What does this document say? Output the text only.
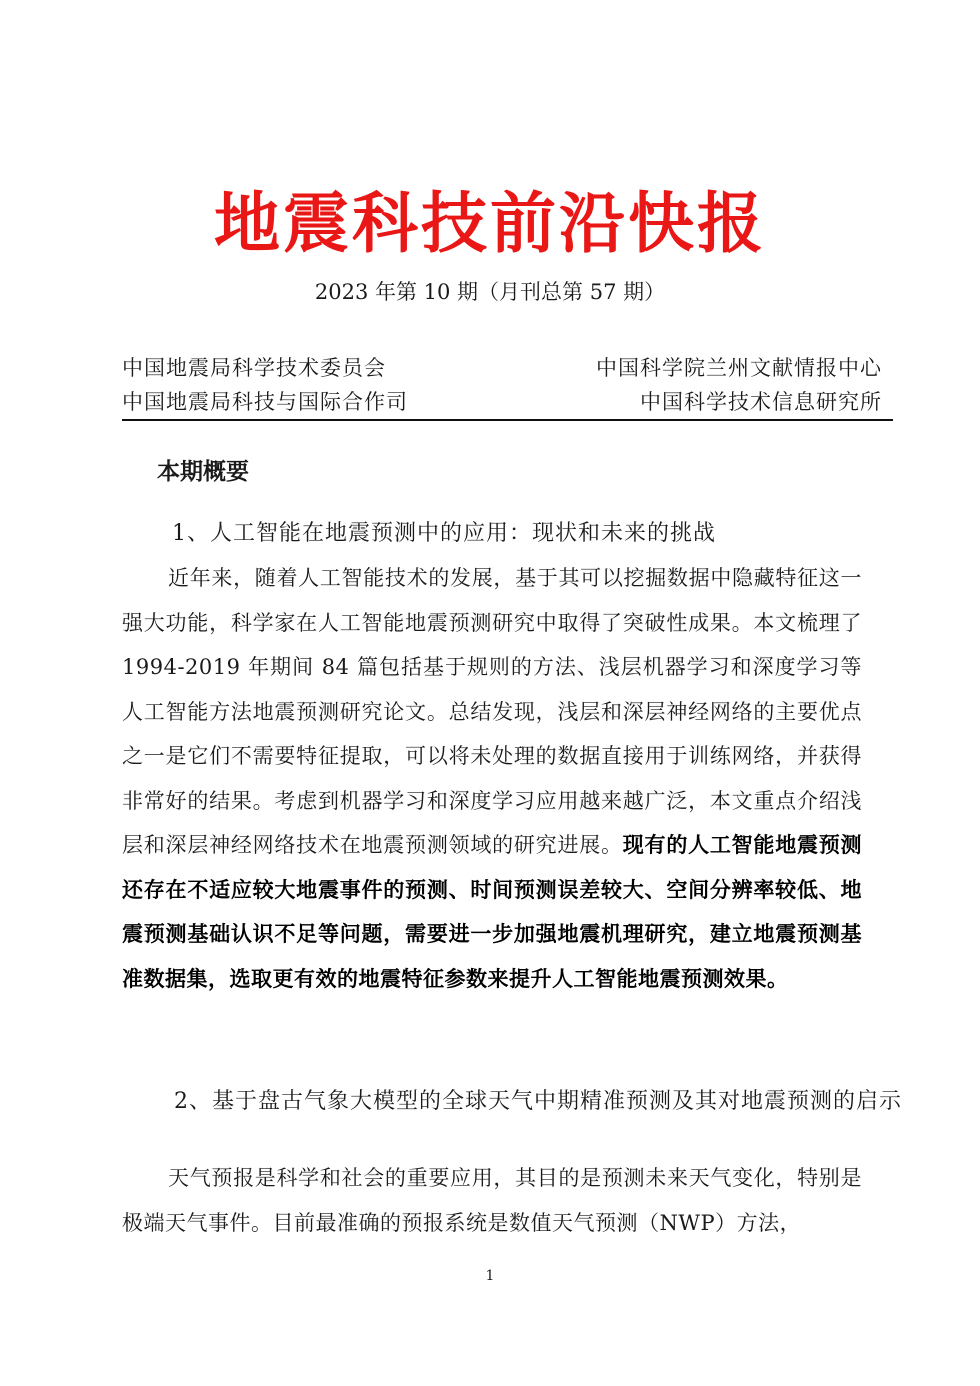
地震科技前沿快报
2023 年第 10 期（月刊总第 57 期）
中国地震局科学技术委员会
中国地震局科技与国际合作司
中国科学院兰州文献情报中心
中国科学技术信息研究所
本期概要
1、人工智能在地震预测中的应用：现状和未来的挑战
近年来，随着人工智能技术的发展，基于其可以挖掘数据中隐藏特征这一强大功能，科学家在人工智能地震预测研究中取得了突破性成果。本文梳理了 1994-2019 年期间 84 篇包括基于规则的方法、浅层机器学习和深度学习等人工智能方法地震预测研究论文。总结发现，浅层和深层神经网络的主要优点之一是它们不需要特征提取，可以将未处理的数据直接用于训练网络，并获得非常好的结果。考虑到机器学习和深度学习应用越来越广泛，本文重点介绍浅层和深层神经网络技术在地震预测领域的研究进展。现有的人工智能地震预测还存在不适应较大地震事件的预测、时间预测误差较大、空间分辨率较低、地震预测基础认识不足等问题，需要进一步加强地震机理研究，建立地震预测基准数据集，选取更有效的地震特征参数来提升人工智能地震预测效果。
2、基于盘古气象大模型的全球天气中期精准预测及其对地震预测的启示
天气预报是科学和社会的重要应用，其目的是预测未来天气变化，特别是极端天气事件。目前最准确的预报系统是数值天气预测（NWP）方法，
1
